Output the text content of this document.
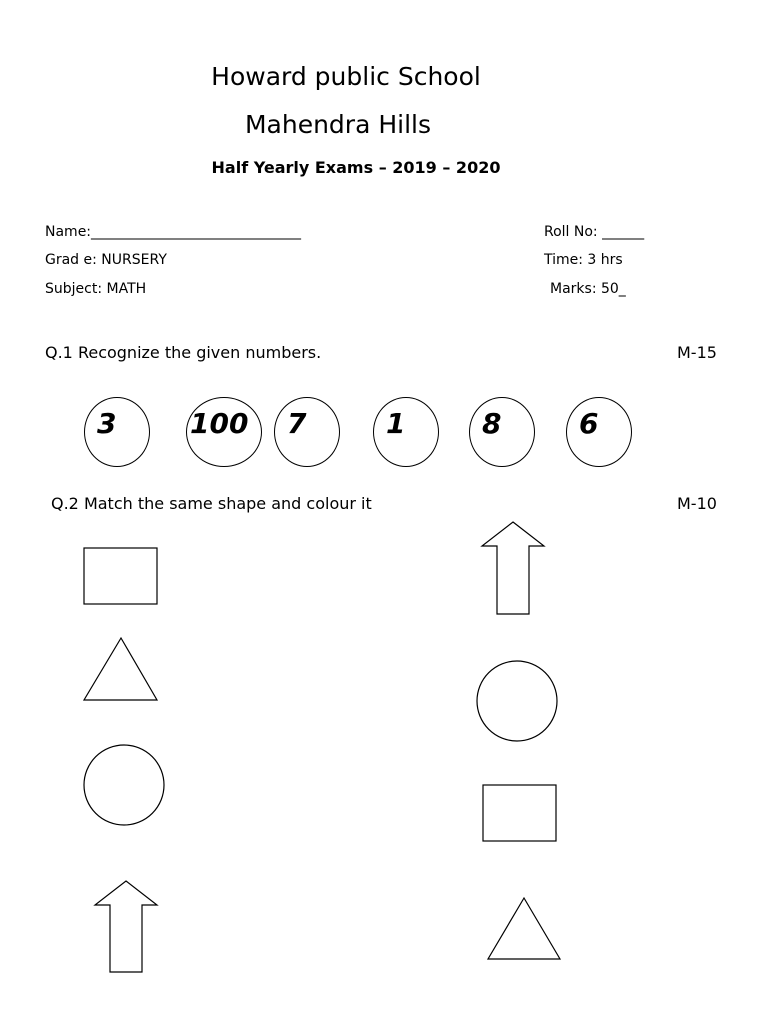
Howard public School
Mahendra Hills
Half Yearly Exams – 2019 – 2020
Name:______________________________
Grad e: NURSERY
Subject: MATH
Roll No: ______
Time: 3 hrs
Marks: 50_
Q.1 Recognize the given numbers.	M-15
3	100 7	1	8	6
Q.2 Match the same shape and colour it	M-10
